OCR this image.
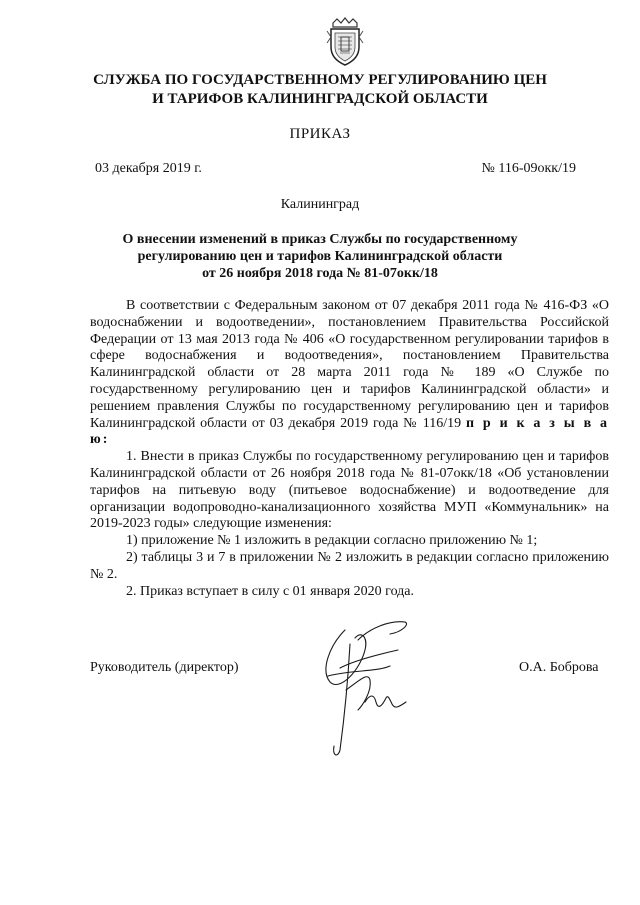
СЛУЖБА ПО ГОСУДАРСТВЕННОМУ РЕГУЛИРОВАНИЮ ЦЕН
И ТАРИФОВ КАЛИНИНГРАДСКОЙ ОБЛАСТИ
ПРИКАЗ
03 декабря 2019 г.	№ 116-09окк/19
Калининград
О внесении изменений в приказ Службы по государственному
регулированию цен и тарифов Калининградской области
от 26 ноября 2018 года № 81-07окк/18

В соответствии с Федеральным законом от 07 декабря 2011 года № 416-ФЗ «О водоснабжении и водоотведении», постановлением Правительства Российской Федерации от 13 мая 2013 года № 406 «О государственном регулировании тарифов в сфере водоснабжения и водоотведения», постановлением Правительства Калининградской области от 28 марта 2011 года № 189 «О Службе по государственному регулированию цен и тарифов Калининградской области» и решением правления Службы по государственному регулированию цен и тарифов Калининградской области от 03 декабря 2019 года № 116/19 п р и к а з ы в а ю:

1. Внести в приказ Службы по государственному регулированию цен и тарифов Калининградской области от 26 ноября 2018 года № 81-07окк/18 «Об установлении тарифов на питьевую воду (питьевое водоснабжение) и водоотведение для организации водопроводно-канализационного хозяйства МУП «Коммунальник» на 2019-2023 годы» следующие изменения:

1) приложение № 1 изложить в редакции согласно приложению № 1;

2) таблицы 3 и 7 в приложении № 2 изложить в редакции согласно приложению № 2.

2. Приказ вступает в силу с 01 января 2020 года.

Руководитель (директор)	О.А. Боброва
